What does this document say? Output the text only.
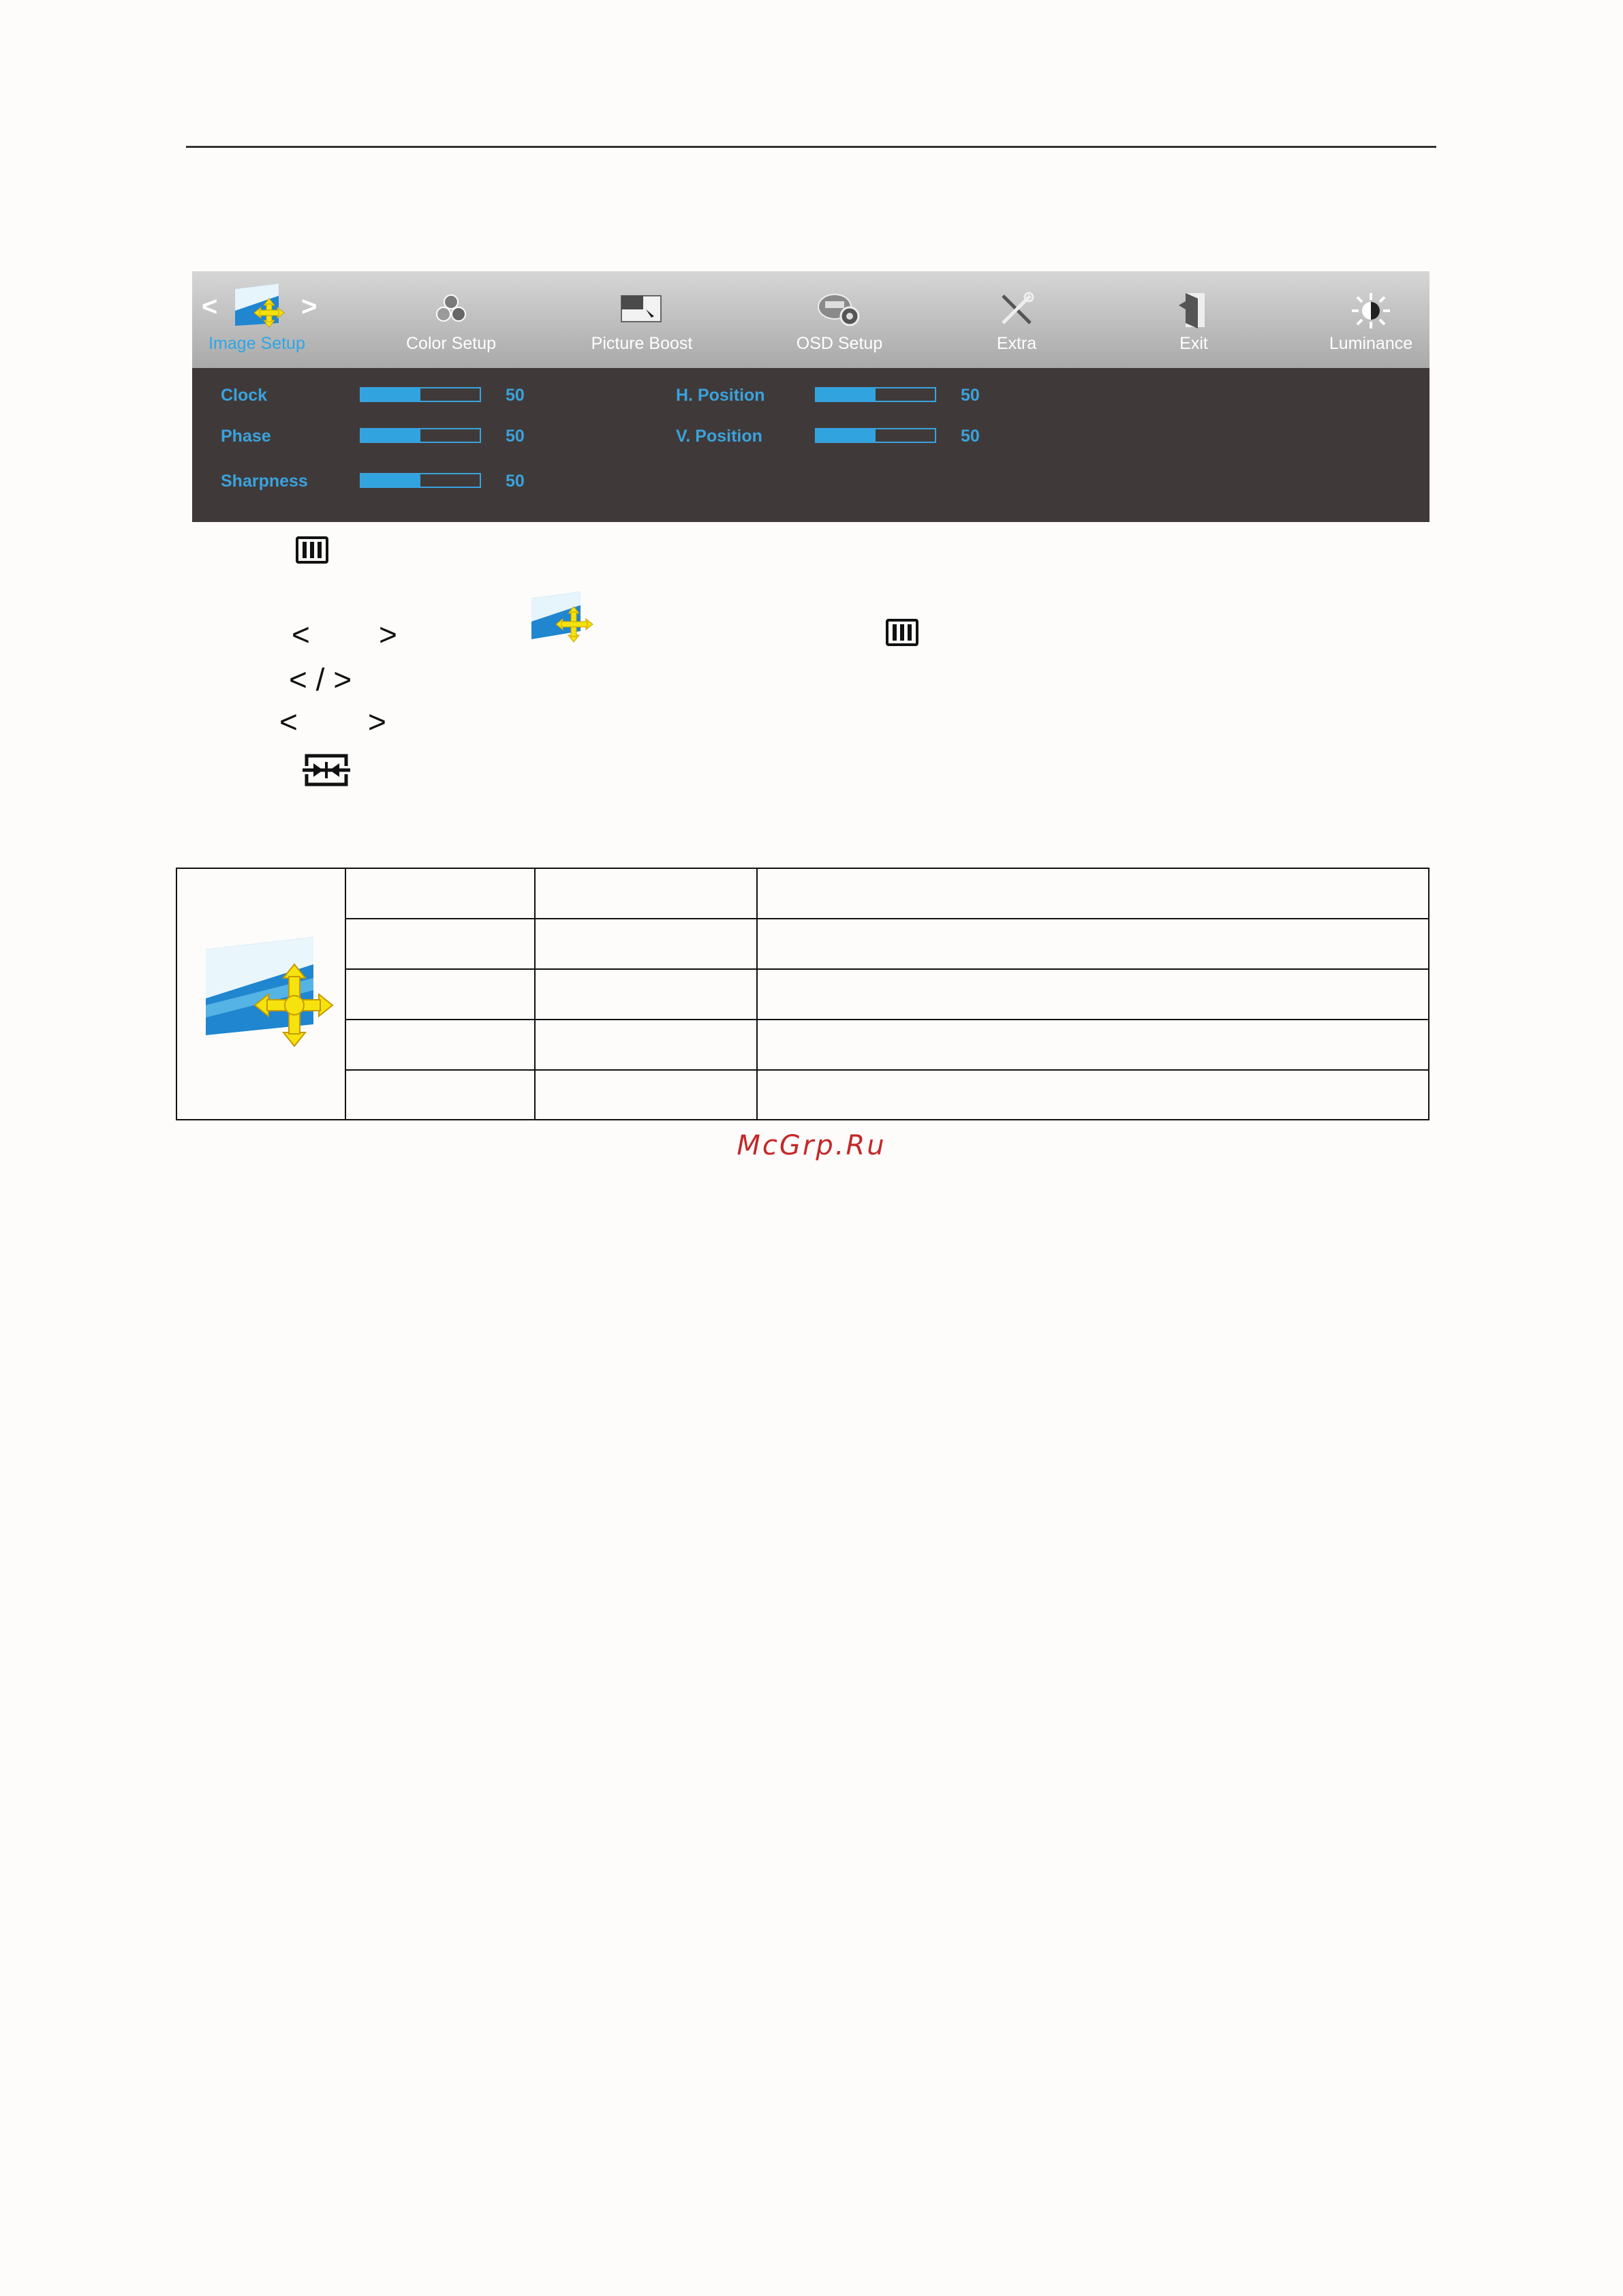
<	>
Image Setup	Color Setup	Picture Boost	OSD Setup	Extra	Exit	Luminance
Clock	50
Phase	50
Sharpness	50
H. Position	50
V. Position	50
< >
< / >
< >
McGrp.Ru
